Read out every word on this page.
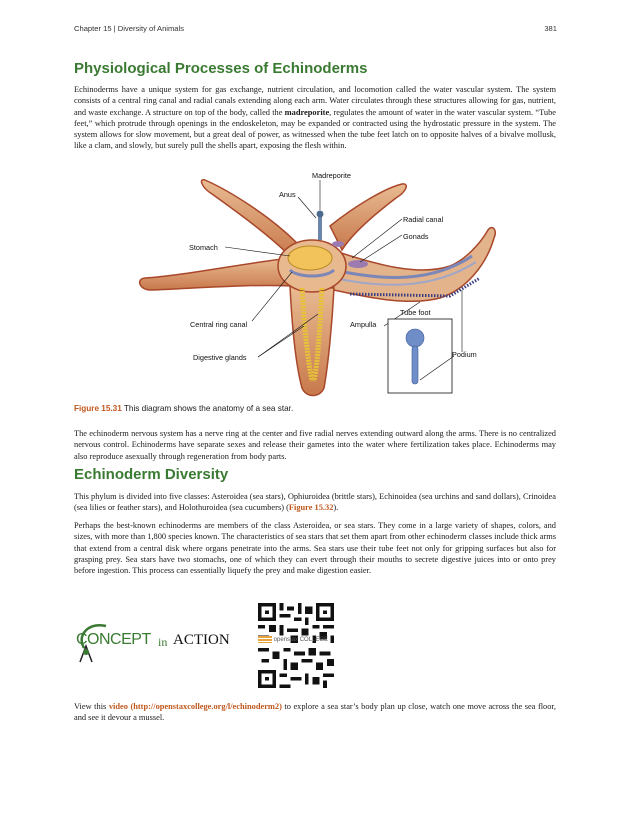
Chapter 15 | Diversity of Animals	381
Physiological Processes of Echinoderms

Echinoderms have a unique system for gas exchange, nutrient circulation, and locomotion called the water vascular system. The system consists of a central ring canal and radial canals extending along each arm. Water circulates through these structures allowing for gas, nutrient, and waste exchange. A structure on top of the body, called the madreporite, regulates the amount of water in the water vascular system. “Tube feet,” which protrude through openings in the endoskeleton, may be expanded or contracted using the hydrostatic pressure in the system. The system allows for slow movement, but a great deal of power, as witnessed when the tube feet latch on to opposite halves of a bivalve mollusk, like a clam, and slowly, but surely pull the shells apart, exposing the flesh within.

Madreporite
Anus
Radial canal
Gonads
Stomach
Tube foot
Central ring canal	Ampulla
Podium
Digestive glands
Figure 15.31 This diagram shows the anatomy of a sea star.

The echinoderm nervous system has a nerve ring at the center and five radial nerves extending outward along the arms. There is no centralized nervous control. Echinoderms have separate sexes and release their gametes into the water where fertilization takes place. Echinoderms may also reproduce asexually through regeneration from body parts.

Echinoderm Diversity

This phylum is divided into five classes: Asteroidea (sea stars), Ophiuroidea (brittle stars), Echinoidea (sea urchins and sand dollars), Crinoidea (sea lilies or feather stars), and Holothuroidea (sea cucumbers) (Figure 15.32).

Perhaps the best-known echinoderms are members of the class Asteroidea, or sea stars. They come in a large variety of shapes, colors, and sizes, with more than 1,800 species known. The characteristics of sea stars that set them apart from other echinoderm classes include thick arms that extend from a central disk where organs penetrate into the arms. Sea stars use their tube feet not only for gripping surfaces but also for grasping prey. Sea stars have two stomachs, one of which they can evert through their mouths to secrete digestive juices into or onto prey before ingestion. This process can essentially liquefy the prey and make digestion easier.

CONCEPT in ACTION	openstax COLLEGE

View this video (http://openstaxcollege.org/l/echinoderm2) to explore a sea star’s body plan up close, watch one move across the sea floor, and see it devour a mussel.
